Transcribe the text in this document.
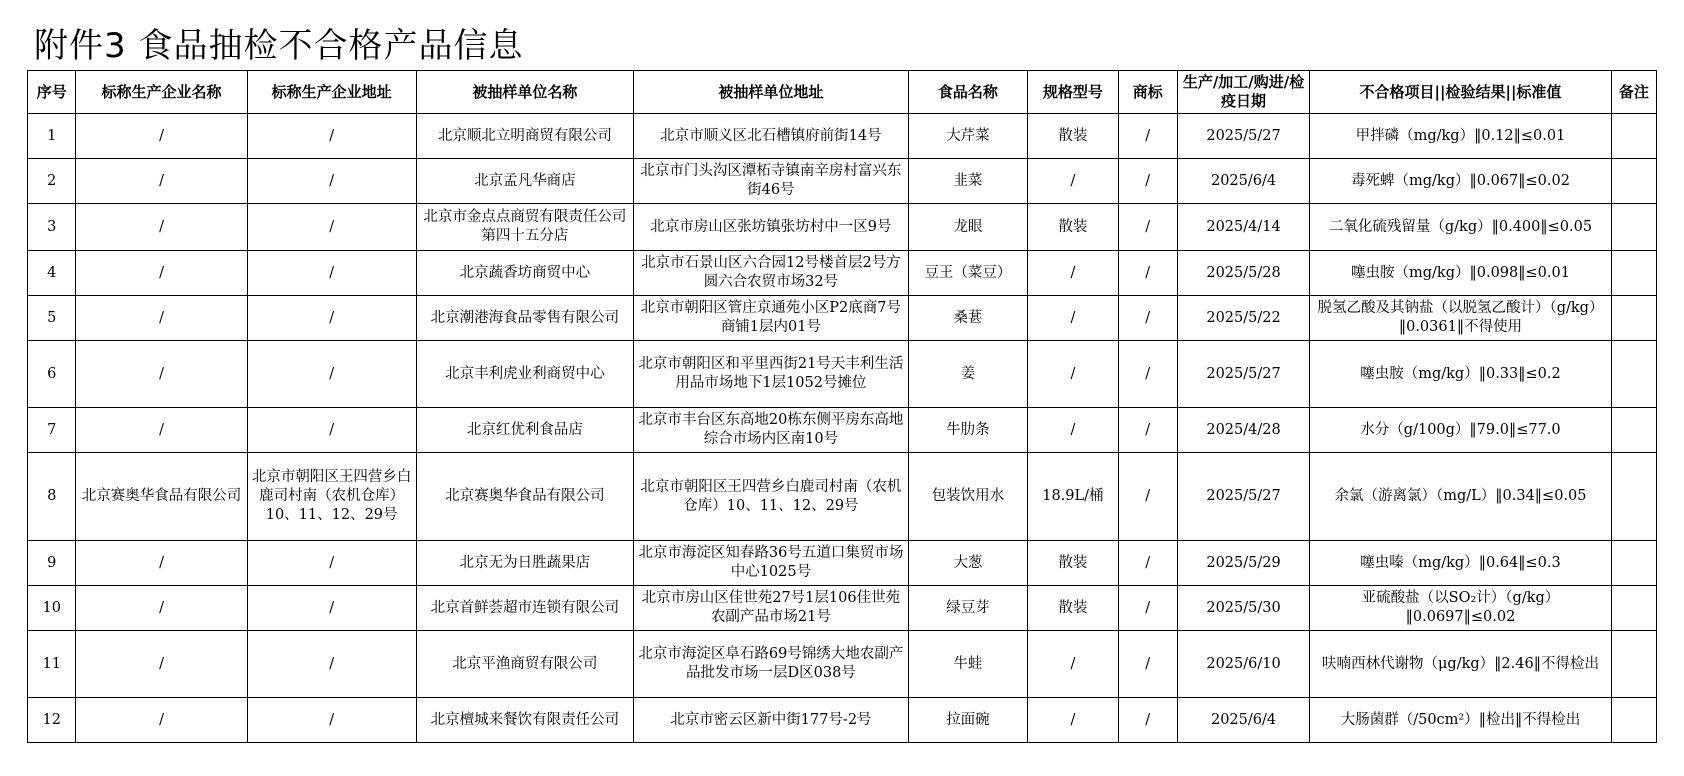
附件3 食品抽检不合格产品信息
序号	标称生产企业名称	标称生产企业地址	被抽样单位名称	被抽样单位地址	食品名称	规格型号	商标	生产/加工/购进/检疫日期	不合格项目||检验结果||标准值	备注
1	/	/	北京顺北立明商贸有限公司	北京市顺义区北石槽镇府前街14号	大芹菜	散装	/	2025/5/27	甲拌磷（mg/kg）‖0.12‖≤0.01	
2	/	/	北京孟凡华商店	北京市门头沟区潭柘寺镇南辛房村富兴东街46号	韭菜	/	/	2025/6/4	毒死蜱（mg/kg）‖0.067‖≤0.02	
3	/	/	北京市金点点商贸有限责任公司第四十五分店	北京市房山区张坊镇张坊村中一区9号	龙眼	散装	/	2025/4/14	二氧化硫残留量（g/kg）‖0.400‖≤0.05	
4	/	/	北京蔬香坊商贸中心	北京市石景山区六合园12号楼首层2号方圆六合农贸市场32号	豆王（菜豆）	/	/	2025/5/28	噻虫胺（mg/kg）‖0.098‖≤0.01	
5	/	/	北京潮港海食品零售有限公司	北京市朝阳区管庄京通苑小区P2底商7号商铺1层内01号	桑葚	/	/	2025/5/22	脱氢乙酸及其钠盐（以脱氢乙酸计）（g/kg）‖0.0361‖不得使用	
6	/	/	北京丰利虎业利商贸中心	北京市朝阳区和平里西街21号天丰利生活用品市场地下1层1052号摊位	姜	/	/	2025/5/27	噻虫胺（mg/kg）‖0.33‖≤0.2	
7	/	/	北京红优利食品店	北京市丰台区东高地20栋东侧平房东高地综合市场内区南10号	牛肋条	/	/	2025/4/28	水分（g/100g）‖79.0‖≤77.0	
8	北京赛奥华食品有限公司	北京市朝阳区王四营乡白鹿司村南（农机仓库）10、11、12、29号	北京赛奥华食品有限公司	北京市朝阳区王四营乡白鹿司村南（农机仓库）10、11、12、29号	包装饮用水	18.9L/桶	/	2025/5/27	余氯（游离氯）（mg/L）‖0.34‖≤0.05	
9	/	/	北京无为日胜蔬果店	北京市海淀区知春路36号五道口集贸市场中心1025号	大葱	散装	/	2025/5/29	噻虫嗪（mg/kg）‖0.64‖≤0.3	
10	/	/	北京首鲜荟超市连锁有限公司	北京市房山区佳世苑27号1层106佳世苑农副产品市场21号	绿豆芽	散装	/	2025/5/30	亚硫酸盐（以SO₂计）（g/kg）‖0.0697‖≤0.02	
11	/	/	北京平渔商贸有限公司	北京市海淀区阜石路69号锦绣大地农副产品批发市场一层D区038号	牛蛙	/	/	2025/6/10	呋喃西林代谢物（μg/kg）‖2.46‖不得检出	
12	/	/	北京檀城来餐饮有限责任公司	北京市密云区新中街177号-2号	拉面碗	/	/	2025/6/4	大肠菌群（/50cm²）‖检出‖不得检出	
